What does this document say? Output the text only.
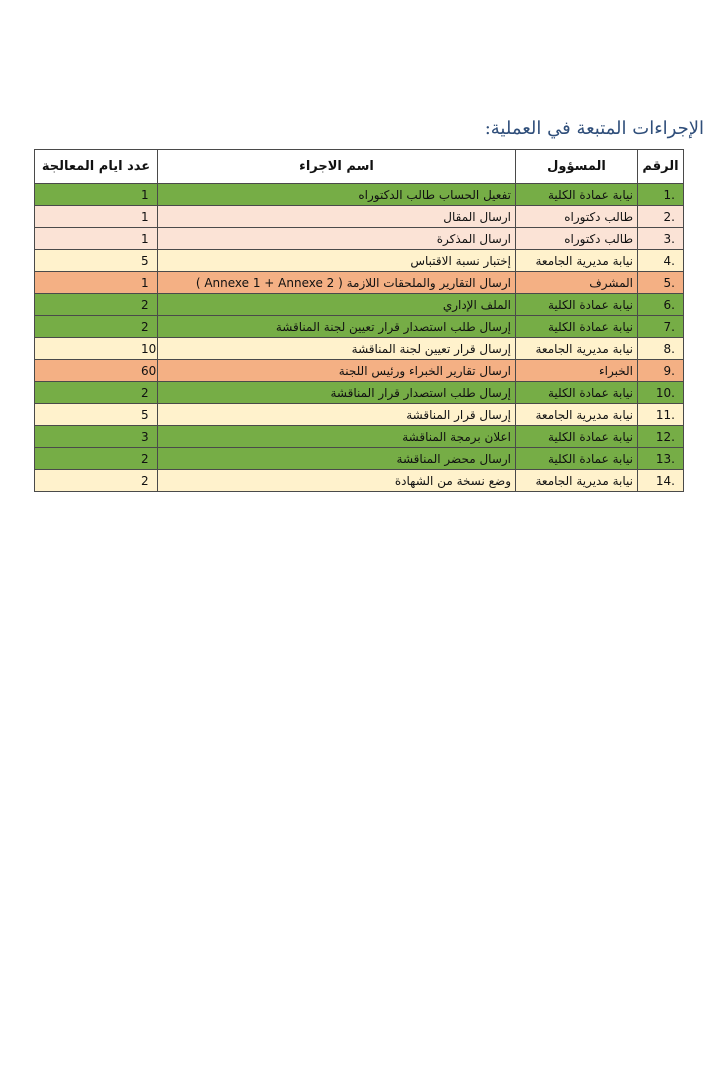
الإجراءات المتبعة في العملية:
الرقم	المسؤول	اسم الاجراء	عدد ايام المعالجة
.1	نيابة عمادة الكلية	تفعيل الحساب طالب الدكتوراه	1
.2	طالب دكتوراه	ارسال المقال	1
.3	طالب دكتوراه	ارسال المذكرة	1
.4	نيابة مديرية الجامعة	إختبار نسبة الاقتباس	5
.5	المشرف	ارسال التقارير والملحقات اللازمة ( Annexe 1 + Annexe 2 )	1
.6	نيابة عمادة الكلية	الملف الإداري	2
.7	نيابة عمادة الكلية	إرسال طلب استصدار قرار تعيين لجنة المناقشة	2
.8	نيابة مديرية الجامعة	إرسال قرار تعيين لجنة المناقشة	10
.9	الخبراء	ارسال تقارير الخبراء ورئيس اللجنة	60
.10	نيابة عمادة الكلية	إرسال طلب استصدار قرار المناقشة	2
.11	نيابة مديرية الجامعة	إرسال قرار المناقشة	5
.12	نيابة عمادة الكلية	اعلان برمجة المناقشة	3
.13	نيابة عمادة الكلية	ارسال محضر المناقشة	2
.14	نيابة مديرية الجامعة	وضع نسخة من الشهادة	2
